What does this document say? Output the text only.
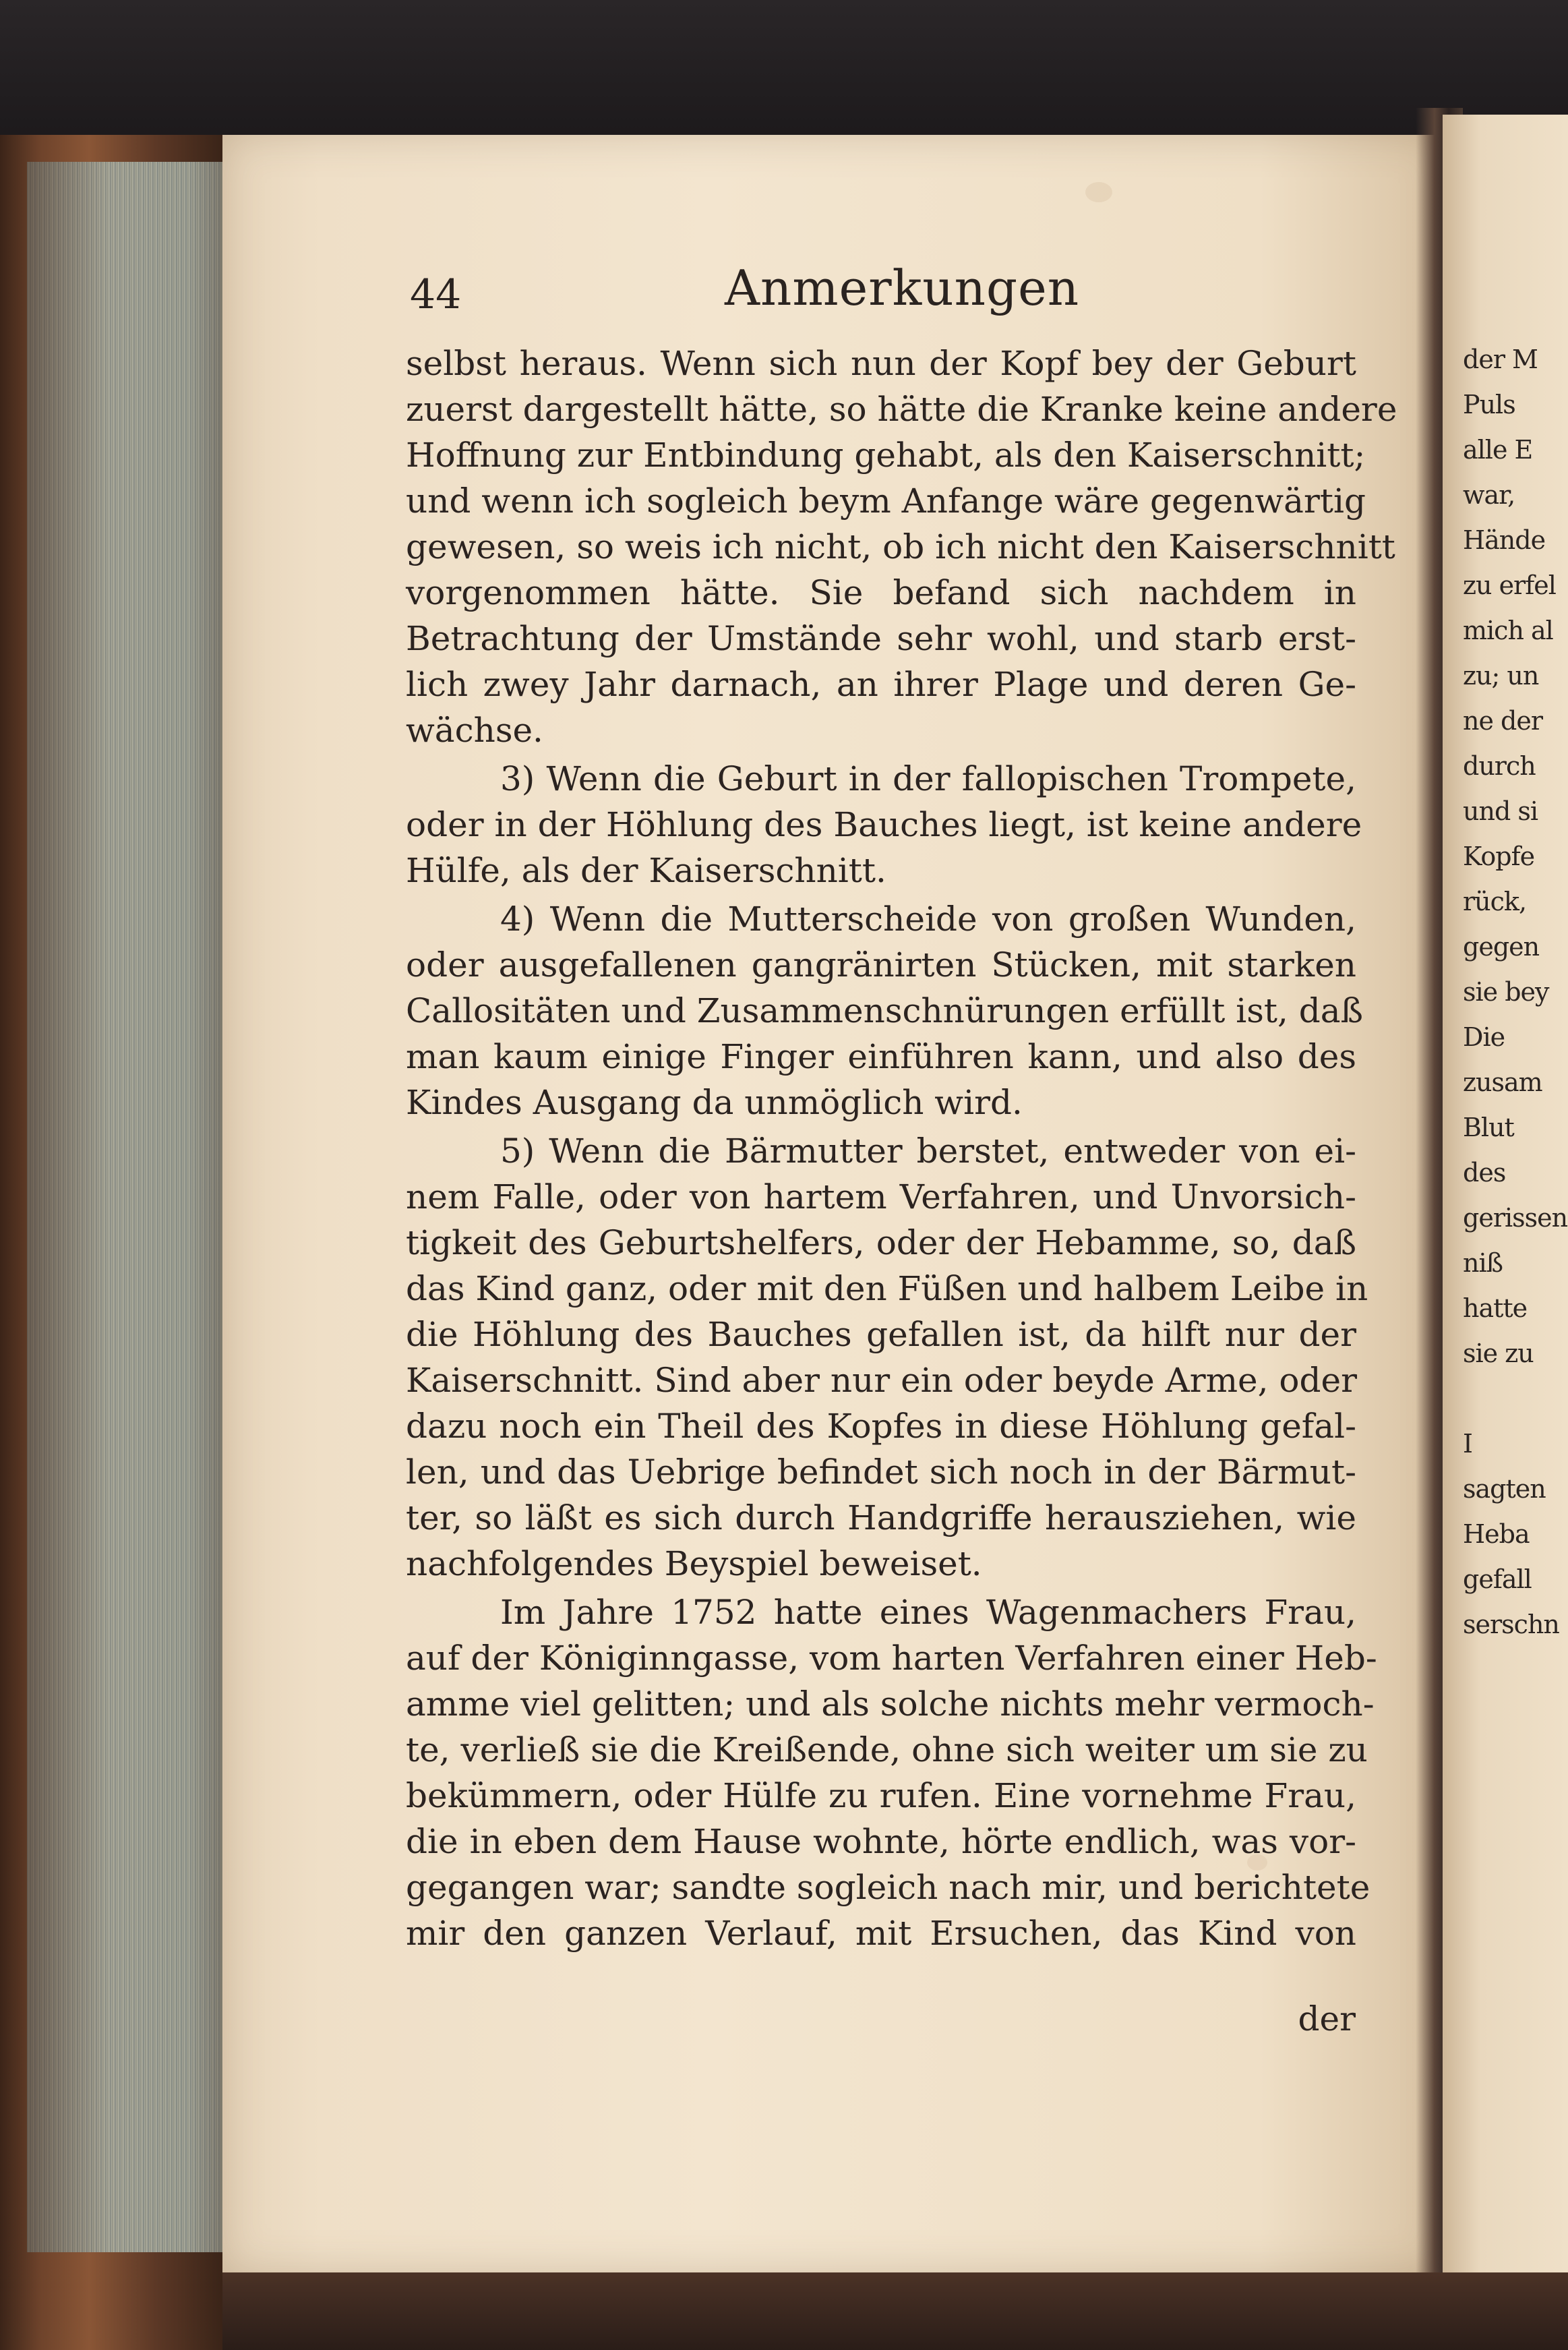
der M
Puls
alle E
war,
Hände
zu erfel
mich al
zu; un
ne der
durch
und si
Kopfe
rück,
gegen
sie bey
Die
zusam
Blut
des
gerissen
niß
hatte
sie zu

I
sagten
Heba
gefall
serschn
44	Anmerkungen
selbst heraus. Wenn sich nun der Kopf bey der Geburt
zuerst dargestellt hätte, so hätte die Kranke keine andere
Hoffnung zur Entbindung gehabt, als den Kaiserschnitt;
und wenn ich sogleich beym Anfange wäre gegenwärtig
gewesen, so weis ich nicht, ob ich nicht den Kaiserschnitt
vorgenommen hätte. Sie befand sich nachdem in
Betrachtung der Umstände sehr wohl, und starb erst-
lich zwey Jahr darnach, an ihrer Plage und deren Ge-
wächse.
3) Wenn die Geburt in der fallopischen Trompete,
oder in der Höhlung des Bauches liegt, ist keine andere
Hülfe, als der Kaiserschnitt.
4) Wenn die Mutterscheide von großen Wunden,
oder ausgefallenen gangränirten Stücken, mit starken
Callositäten und Zusammenschnürungen erfüllt ist, daß
man kaum einige Finger einführen kann, und also des
Kindes Ausgang da unmöglich wird.
5) Wenn die Bärmutter berstet, entweder von ei-
nem Falle, oder von hartem Verfahren, und Unvorsich-
tigkeit des Geburtshelfers, oder der Hebamme, so, daß
das Kind ganz, oder mit den Füßen und halbem Leibe in
die Höhlung des Bauches gefallen ist, da hilft nur der
Kaiserschnitt. Sind aber nur ein oder beyde Arme, oder
dazu noch ein Theil des Kopfes in diese Höhlung gefal-
len, und das Uebrige befindet sich noch in der Bärmut-
ter, so läßt es sich durch Handgriffe herausziehen, wie
nachfolgendes Beyspiel beweiset.
Im Jahre 1752 hatte eines Wagenmachers Frau,
auf der Königinngasse, vom harten Verfahren einer Heb-
amme viel gelitten; und als solche nichts mehr vermoch-
te, verließ sie die Kreißende, ohne sich weiter um sie zu
bekümmern, oder Hülfe zu rufen. Eine vornehme Frau,
die in eben dem Hause wohnte, hörte endlich, was vor-
gegangen war; sandte sogleich nach mir, und berichtete
mir den ganzen Verlauf, mit Ersuchen, das Kind von
der
